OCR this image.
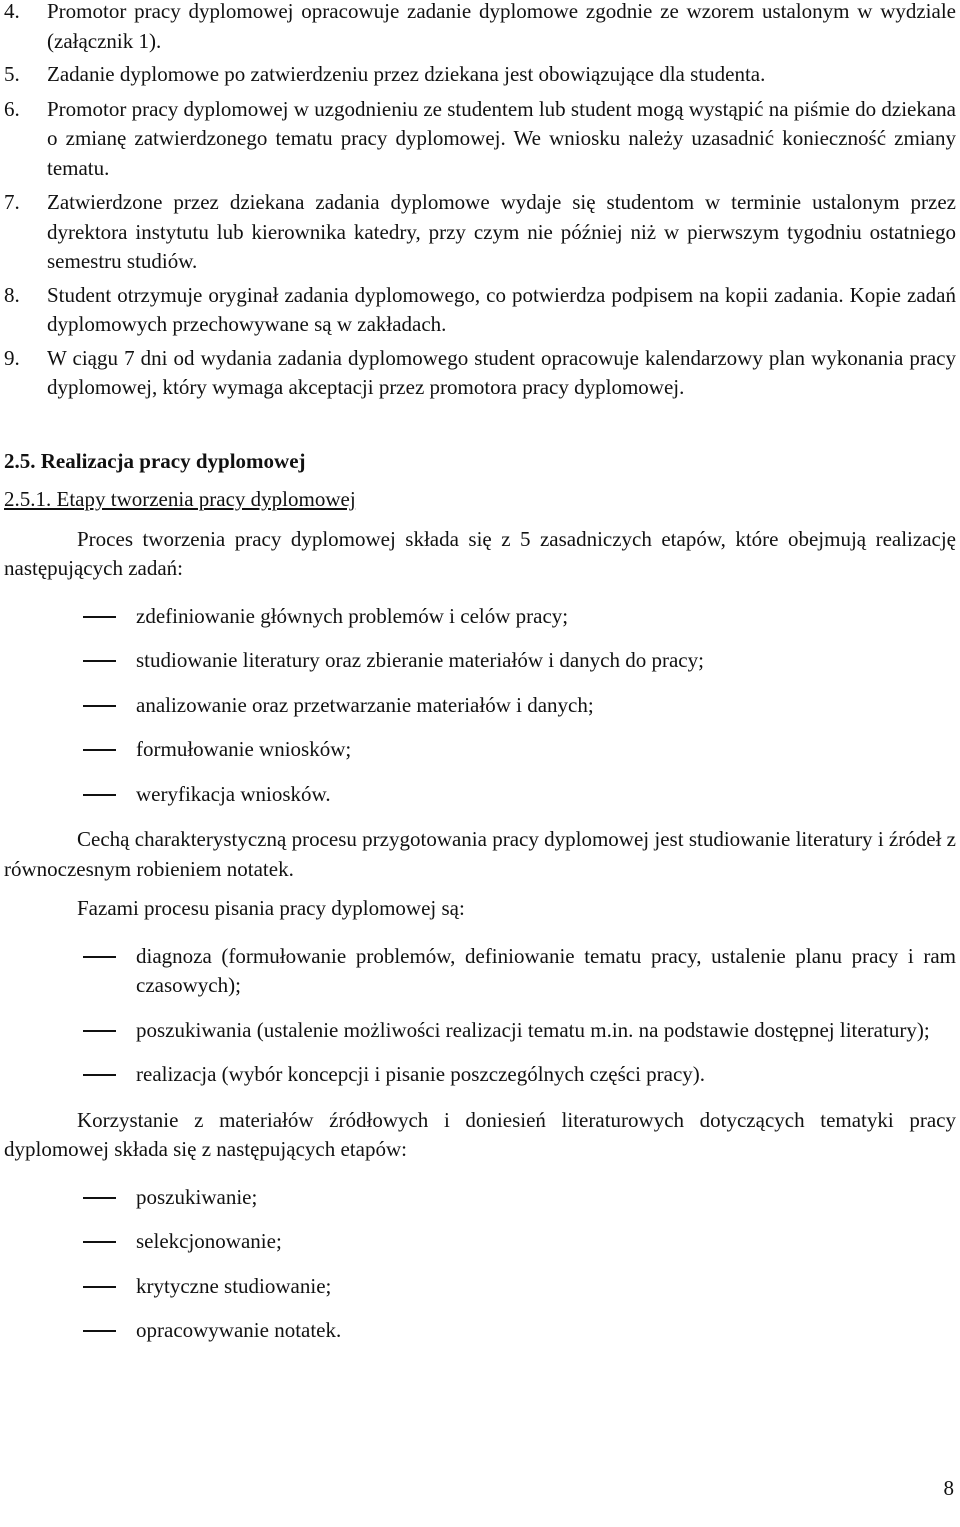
4.	Promotor pracy dyplomowej opracowuje zadanie dyplomowe zgodnie ze wzorem ustalonym w wydziale (załącznik 1).
5.	Zadanie dyplomowe po zatwierdzeniu przez dziekana jest obowiązujące dla studenta.
6.	Promotor pracy dyplomowej w uzgodnieniu ze studentem lub student mogą wystąpić na piśmie do dziekana o zmianę zatwierdzonego tematu pracy dyplomowej. We wniosku należy uzasadnić konieczność zmiany tematu.
7.	Zatwierdzone przez dziekana zadania dyplomowe wydaje się studentom w terminie ustalonym przez dyrektora instytutu lub kierownika katedry, przy czym nie później niż w pierwszym tygodniu ostatniego semestru studiów.
8.	Student otrzymuje oryginał zadania dyplomowego, co potwierdza podpisem na kopii zadania. Kopie zadań dyplomowych przechowywane są w zakładach.
9.	W ciągu 7 dni od wydania zadania dyplomowego student opracowuje kalendarzowy plan wykonania pracy dyplomowej, który wymaga akceptacji przez promotora pracy dyplomowej.
2.5. Realizacja pracy dyplomowej
2.5.1. Etapy tworzenia pracy dyplomowej

Proces tworzenia pracy dyplomowej składa się z 5 zasadniczych etapów, które obejmują realizację następujących zadań:

zdefiniowanie głównych problemów i celów pracy;
studiowanie literatury oraz zbieranie materiałów i danych do pracy;
analizowanie oraz przetwarzanie materiałów i danych;
formułowanie wniosków;
weryfikacja wniosków.

Cechą charakterystyczną procesu przygotowania pracy dyplomowej jest studiowanie literatury i źródeł z równoczesnym robieniem notatek.

Fazami procesu pisania pracy dyplomowej są:

diagnoza (formułowanie problemów, definiowanie tematu pracy, ustalenie planu pracy i ram czasowych);
poszukiwania (ustalenie możliwości realizacji tematu m.in. na podstawie dostępnej literatury);
realizacja (wybór koncepcji i pisanie poszczególnych części pracy).

Korzystanie z materiałów źródłowych i doniesień literaturowych dotyczących tematyki pracy dyplomowej składa się z następujących etapów:

poszukiwanie;
selekcjonowanie;
krytyczne studiowanie;
opracowywanie notatek.
8
